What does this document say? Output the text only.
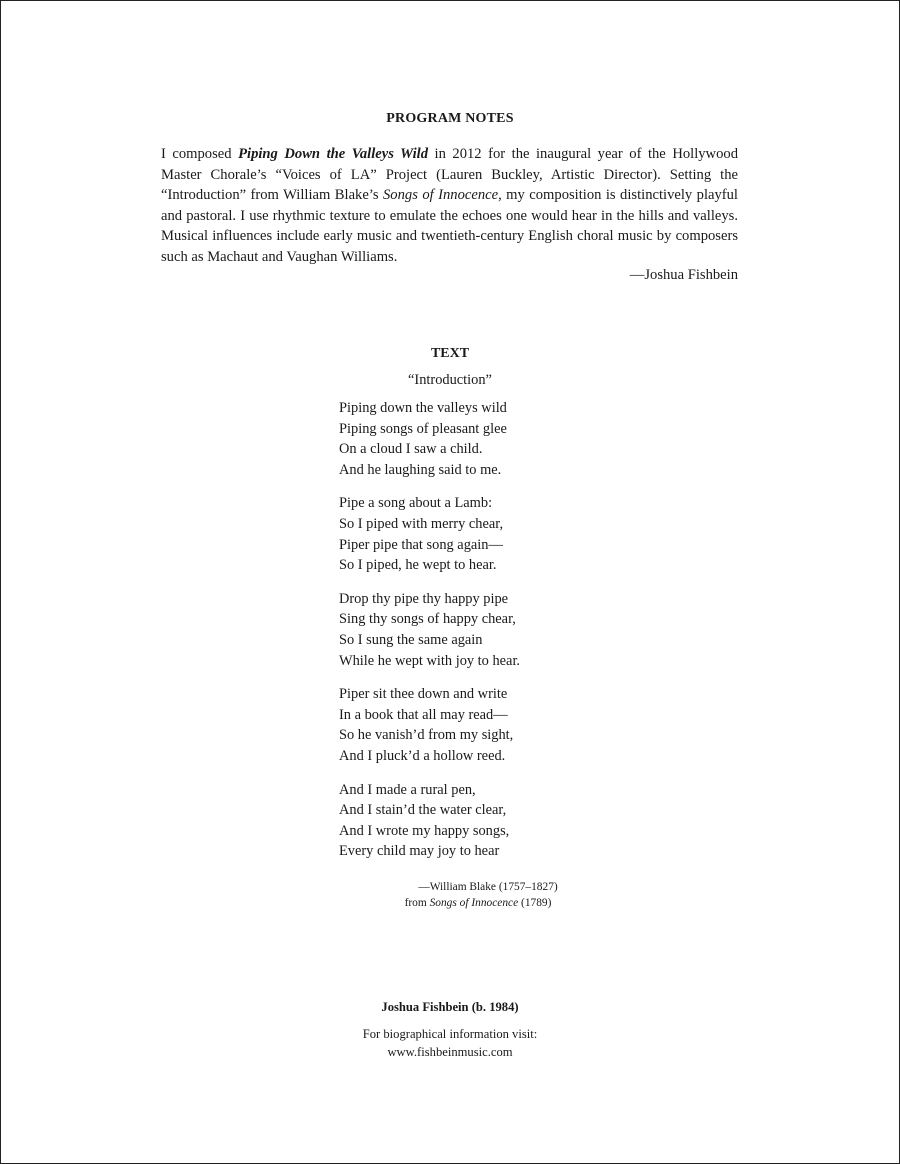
PROGRAM NOTES
I composed Piping Down the Valleys Wild in 2012 for the inaugural year of the Hollywood Master Chorale’s “Voices of LA” Project (Lauren Buckley, Artistic Director). Setting the “Introduction” from William Blake’s Songs of Innocence, my composition is distinctively playful and pastoral. I use rhythmic texture to emulate the echoes one would hear in the hills and valleys. Musical influences include early music and twentieth-century English choral music by composers such as Machaut and Vaughan Williams.
—Joshua Fishbein
TEXT
“Introduction”
Piping down the valleys wild
Piping songs of pleasant glee
On a cloud I saw a child.
And he laughing said to me.
Pipe a song about a Lamb:
So I piped with merry chear,
Piper pipe that song again—
So I piped, he wept to hear.
Drop thy pipe thy happy pipe
Sing thy songs of happy chear,
So I sung the same again
While he wept with joy to hear.
Piper sit thee down and write
In a book that all may read—
So he vanish’d from my sight,
And I pluck’d a hollow reed.
And I made a rural pen,
And I stain’d the water clear,
And I wrote my happy songs,
Every child may joy to hear
—William Blake (1757–1827)
from Songs of Innocence (1789)
Joshua Fishbein (b. 1984)
For biographical information visit:
www.fishbeinmusic.com
